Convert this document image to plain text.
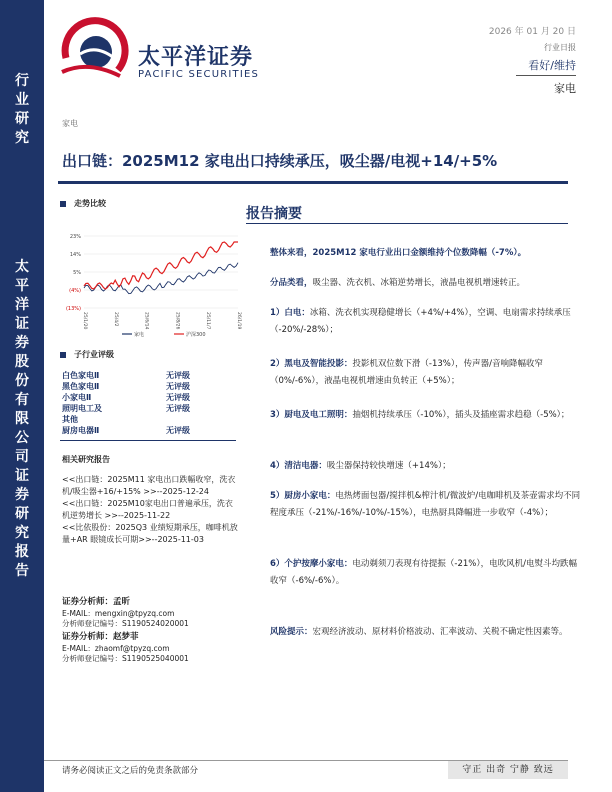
行
业
研
究
太
平
洋
证
券
股
份
有
限
公
司
证
券
研
究
报
告
太平洋证券
PACIFIC SECURITIES
2026 年 01 月 20 日
行业日报
看好/维持
家电
家电
出口链：2025M12 家电出口持续承压，吸尘器/电视+14/+5%
走势比较
23%
14%
5%
(4%)
(13%)
25/1/20	25/4/2	25/6/14	25/8/26	25/11/7	26/1/19
家电	沪深300
子行业评级
白色家电Ⅱ	无评级
黑色家电Ⅱ	无评级
小家电Ⅱ	无评级
照明电工及	无评级
其他	
厨房电器Ⅱ	无评级
相关研究报告
<<出口链：2025M11 家电出口跌幅收窄，洗衣机/吸尘器+16/+15% >>--2025-12-24
<<出口链：2025M10家电出口普遍承压，洗衣机逆势增长 >>--2025-11-22
<<比依股份：2025Q3 业绩短期承压，咖啡机放量+AR 眼镜成长可期>>--2025-11-03
证券分析师：孟昕
E-MAIL：mengxin@tpyzq.com
分析师登记编号：S1190524020001
证券分析师：赵梦菲
E-MAIL：zhaomf@tpyzq.com
分析师登记编号：S1190525040001
报告摘要
整体来看，2025M12 家电行业出口金额维持个位数降幅（-7%）。
分品类看，吸尘器、洗衣机、冰箱逆势增长，液晶电视机增速转正。
1）白电：冰箱、洗衣机实现稳健增长（+4%/+4%），空调、电扇需求持续承压（-20%/-28%）；
2）黑电及智能投影：投影机双位数下滑（-13%），传声器/音响降幅收窄（0%/-6%），液晶电视机增速由负转正（+5%）；
3）厨电及电工照明：抽烟机持续承压（-10%），插头及插座需求趋稳（-5%）；
4）清洁电器：吸尘器保持较快增速（+14%）；
5）厨房小家电：电热烤面包器/搅拌机&榨汁机/微波炉/电咖啡机及茶壶需求均不同程度承压（-21%/-16%/-10%/-15%），电热厨具降幅进一步收窄（-4%）；
6）个护按摩小家电：电动剃须刀表现有待提振（-21%），电吹风机/电熨斗均跌幅收窄（-6%/-6%）。
风险提示：宏观经济波动、原材料价格波动、汇率波动、关税不确定性因素等。
请务必阅读正文之后的免责条款部分	守正 出奇 宁静 致远
